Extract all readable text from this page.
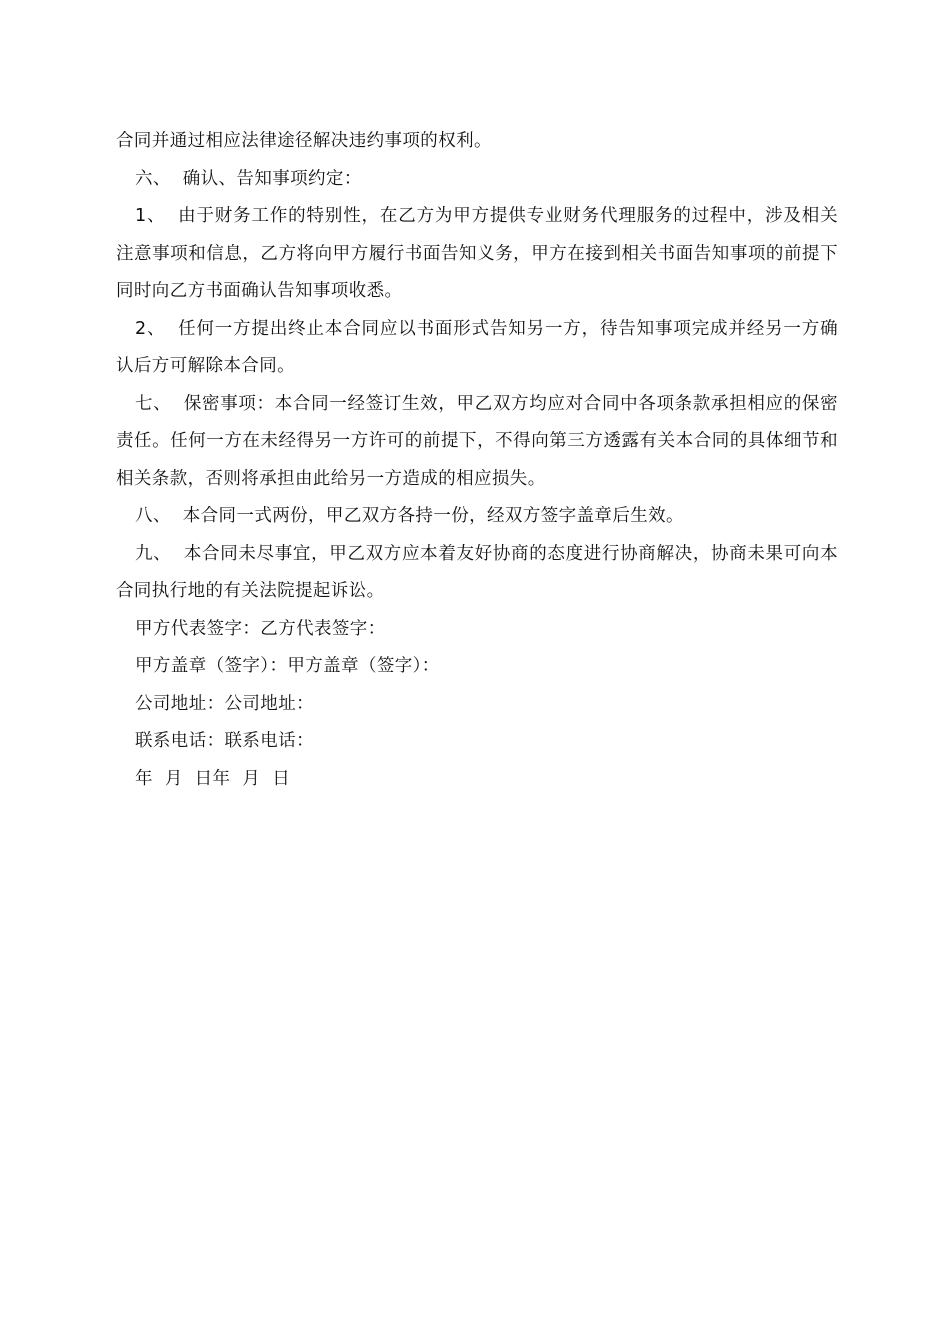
合同并通过相应法律途径解决违约事项的权利。

六、  确认、告知事项约定：

1、  由于财务工作的特别性，在乙方为甲方提供专业财务代理服务的过程中，涉及相关注意事项和信息，乙方将向甲方履行书面告知义务，甲方在接到相关书面告知事项的前提下同时向乙方书面确认告知事项收悉。

2、  任何一方提出终止本合同应以书面形式告知另一方，待告知事项完成并经另一方确认后方可解除本合同。

七、  保密事项：本合同一经签订生效，甲乙双方均应对合同中各项条款承担相应的保密责任。任何一方在未经得另一方许可的前提下，不得向第三方透露有关本合同的具体细节和相关条款，否则将承担由此给另一方造成的相应损失。

八、  本合同一式两份，甲乙双方各持一份，经双方签字盖章后生效。

九、  本合同未尽事宜，甲乙双方应本着友好协商的态度进行协商解决，协商未果可向本合同执行地的有关法院提起诉讼。

甲方代表签字：乙方代表签字：

甲方盖章（签字）：甲方盖章（签字）：

公司地址：公司地址：

联系电话：联系电话：

年  月  日年  月  日
